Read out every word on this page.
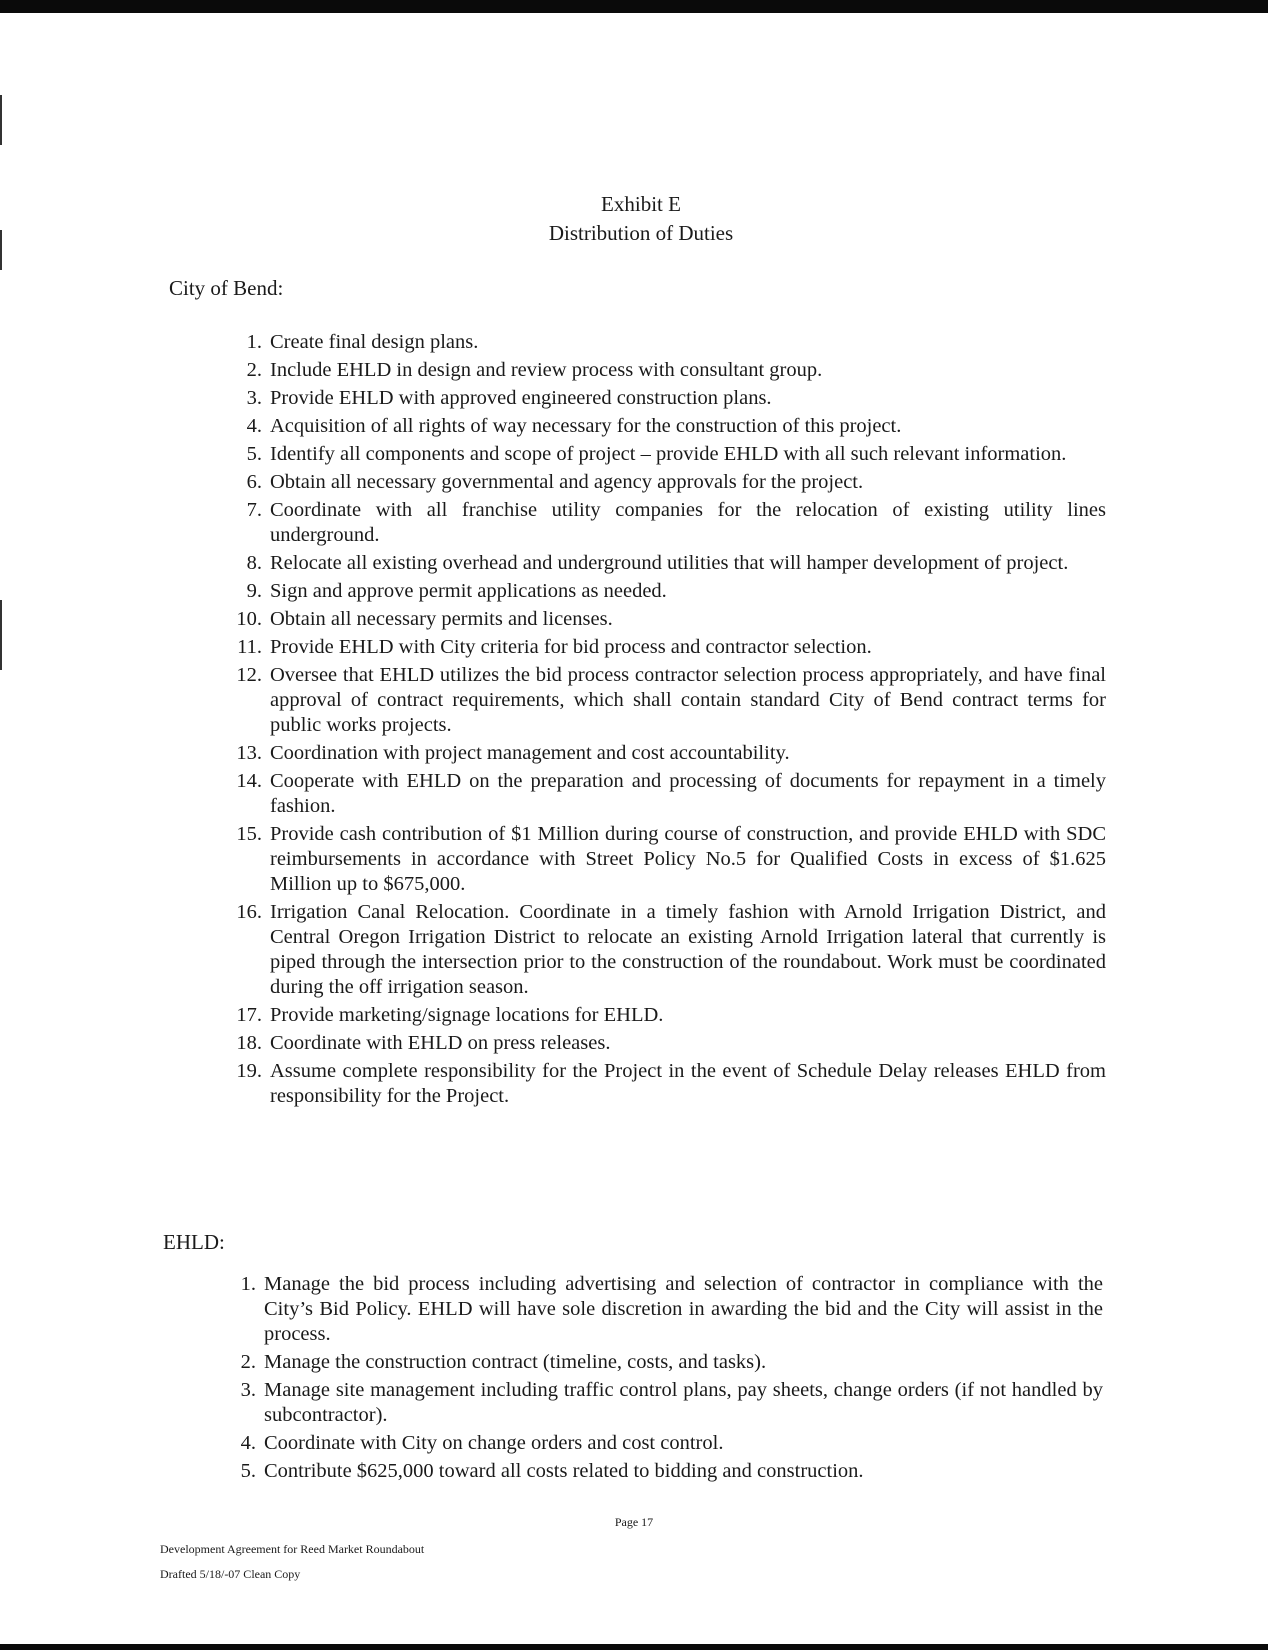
Exhibit E
Distribution of Duties
City of Bend:
1. Create final design plans.
2. Include EHLD in design and review process with consultant group.
3. Provide EHLD with approved engineered construction plans.
4. Acquisition of all rights of way necessary for the construction of this project.
5. Identify all components and scope of project – provide EHLD with all such relevant information.
6. Obtain all necessary governmental and agency approvals for the project.
7. Coordinate with all franchise utility companies for the relocation of existing utility lines underground.
8. Relocate all existing overhead and underground utilities that will hamper development of project.
9. Sign and approve permit applications as needed.
10. Obtain all necessary permits and licenses.
11. Provide EHLD with City criteria for bid process and contractor selection.
12. Oversee that EHLD utilizes the bid process contractor selection process appropriately, and have final approval of contract requirements, which shall contain standard City of Bend contract terms for public works projects.
13. Coordination with project management and cost accountability.
14. Cooperate with EHLD on the preparation and processing of documents for repayment in a timely fashion.
15. Provide cash contribution of $1 Million during course of construction, and provide EHLD with SDC reimbursements in accordance with Street Policy No.5 for Qualified Costs in excess of $1.625 Million up to $675,000.
16. Irrigation Canal Relocation. Coordinate in a timely fashion with Arnold Irrigation District, and Central Oregon Irrigation District to relocate an existing Arnold Irrigation lateral that currently is piped through the intersection prior to the construction of the roundabout. Work must be coordinated during the off irrigation season.
17. Provide marketing/signage locations for EHLD.
18. Coordinate with EHLD on press releases.
19. Assume complete responsibility for the Project in the event of Schedule Delay releases EHLD from responsibility for the Project.
EHLD:
1. Manage the bid process including advertising and selection of contractor in compliance with the City’s Bid Policy. EHLD will have sole discretion in awarding the bid and the City will assist in the process.
2. Manage the construction contract (timeline, costs, and tasks).
3. Manage site management including traffic control plans, pay sheets, change orders (if not handled by subcontractor).
4. Coordinate with City on change orders and cost control.
5. Contribute $625,000 toward all costs related to bidding and construction.
Page 17
Development Agreement for Reed Market Roundabout
Drafted 5/18/-07 Clean Copy
